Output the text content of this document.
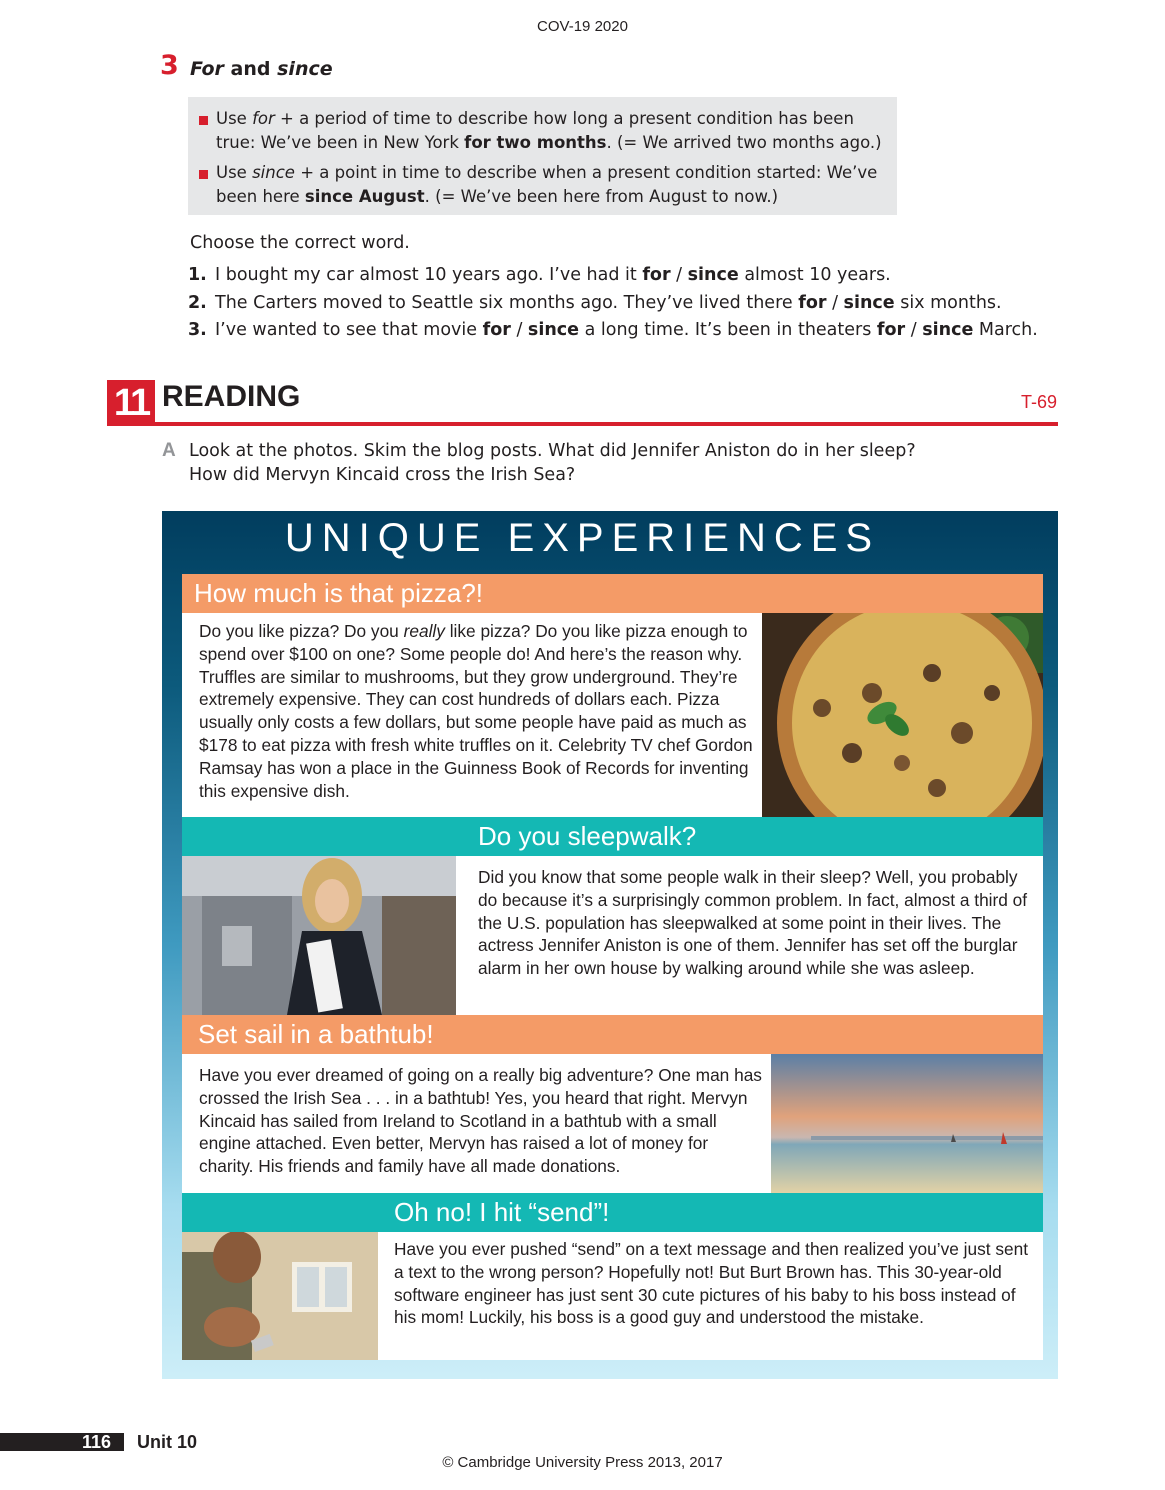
COV-19 2020
3 For and since
Use for + a period of time to describe how long a present condition has been true: We’ve been in New York for two months. (= We arrived two months ago.)
Use since + a point in time to describe when a present condition started: We’ve been here since August. (= We’ve been here from August to now.)
Choose the correct word.
1. I bought my car almost 10 years ago. I’ve had it for / since almost 10 years.
2. The Carters moved to Seattle six months ago. They’ve lived there for / since six months.
3. I’ve wanted to see that movie for / since a long time. It’s been in theaters for / since March.
11 READING	T-69
A Look at the photos. Skim the blog posts. What did Jennifer Aniston do in her sleep?
How did Mervyn Kincaid cross the Irish Sea?
UNIQUE EXPERIENCES
How much is that pizza?!
Do you like pizza? Do you really like pizza? Do you like pizza enough to spend over $100 on one? Some people do! And here’s the reason why. Truffles are similar to mushrooms, but they grow underground. They’re extremely expensive. They can cost hundreds of dollars each. Pizza usually only costs a few dollars, but some people have paid as much as $178 to eat pizza with fresh white truffles on it. Celebrity TV chef Gordon Ramsay has won a place in the Guinness Book of Records for inventing this expensive dish.
Do you sleepwalk?
Did you know that some people walk in their sleep? Well, you probably do because it’s a surprisingly common problem. In fact, almost a third of the U.S. population has sleepwalked at some point in their lives. The actress Jennifer Aniston is one of them. Jennifer has set off the burglar alarm in her own house by walking around while she was asleep.
Set sail in a bathtub!
Have you ever dreamed of going on a really big adventure? One man has crossed the Irish Sea . . . in a bathtub! Yes, you heard that right. Mervyn Kincaid has sailed from Ireland to Scotland in a bathtub with a small engine attached. Even better, Mervyn has raised a lot of money for charity. His friends and family have all made donations.
Oh no! I hit “send”!
Have you ever pushed “send” on a text message and then realized you’ve just sent a text to the wrong person? Hopefully not! But Burt Brown has. This 30-year-old software engineer has just sent 30 cute pictures of his baby to his boss instead of his mom! Luckily, his boss is a good guy and understood the mistake.
116 Unit 10
© Cambridge University Press 2013, 2017
